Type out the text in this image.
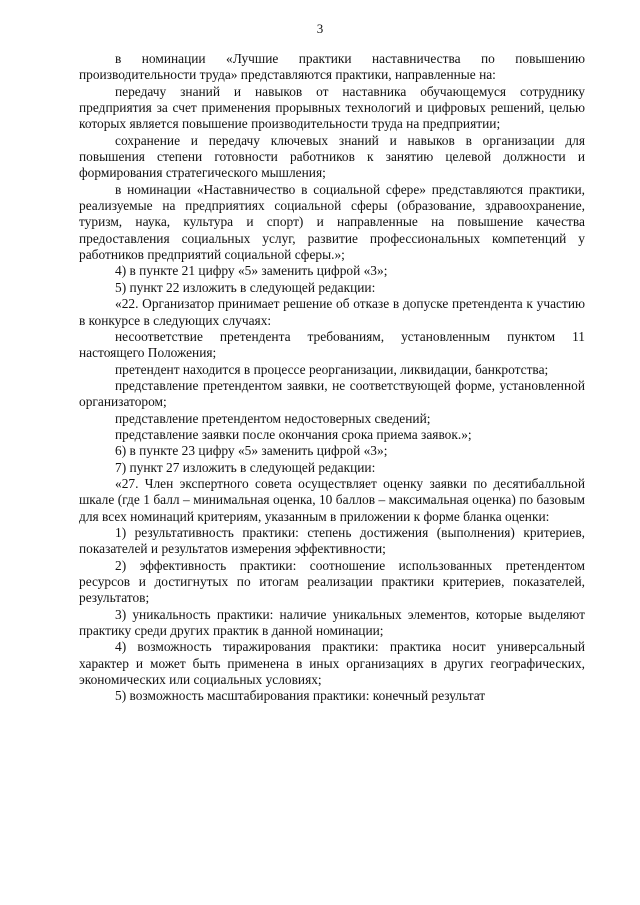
3

в номинации «Лучшие практики наставничества по повышению производительности труда» представляются практики, направленные на:

передачу знаний и навыков от наставника обучающемуся сотруднику предприятия за счет применения прорывных технологий и цифровых решений, целью которых является повышение производительности труда на предприятии;

сохранение и передачу ключевых знаний и навыков в организации для повышения степени готовности работников к занятию целевой должности и формирования стратегического мышления;

в номинации «Наставничество в социальной сфере» представляются практики, реализуемые на предприятиях социальной сферы (образование, здравоохранение, туризм, наука, культура и спорт) и направленные на повышение качества предоставления социальных услуг, развитие профессиональных компетенций у работников предприятий социальной сферы.»;

4) в пункте 21 цифру «5» заменить цифрой «3»;

5) пункт 22 изложить в следующей редакции:

«22. Организатор принимает решение об отказе в допуске претендента к участию в конкурсе в следующих случаях:

несоответствие претендента требованиям, установленным пунктом 11 настоящего Положения;

претендент находится в процессе реорганизации, ликвидации, банкротства;

представление претендентом заявки, не соответствующей форме, установленной организатором;

представление претендентом недостоверных сведений;

представление заявки после окончания срока приема заявок.»;

6) в пункте 23 цифру «5» заменить цифрой «3»;

7) пункт 27 изложить в следующей редакции:

«27. Член экспертного совета осуществляет оценку заявки по десятибалльной шкале (где 1 балл – минимальная оценка, 10 баллов – максимальная оценка) по базовым для всех номинаций критериям, указанным в приложении к форме бланка оценки:

1) результативность практики: степень достижения (выполнения) критериев, показателей и результатов измерения эффективности;

2) эффективность практики: соотношение использованных претендентом ресурсов и достигнутых по итогам реализации практики критериев, показателей, результатов;

3) уникальность практики: наличие уникальных элементов, которые выделяют практику среди других практик в данной номинации;

4) возможность тиражирования практики: практика носит универсальный характер и может быть применена в иных организациях в других географических, экономических или социальных условиях;

5) возможность масштабирования практики: конечный результат
